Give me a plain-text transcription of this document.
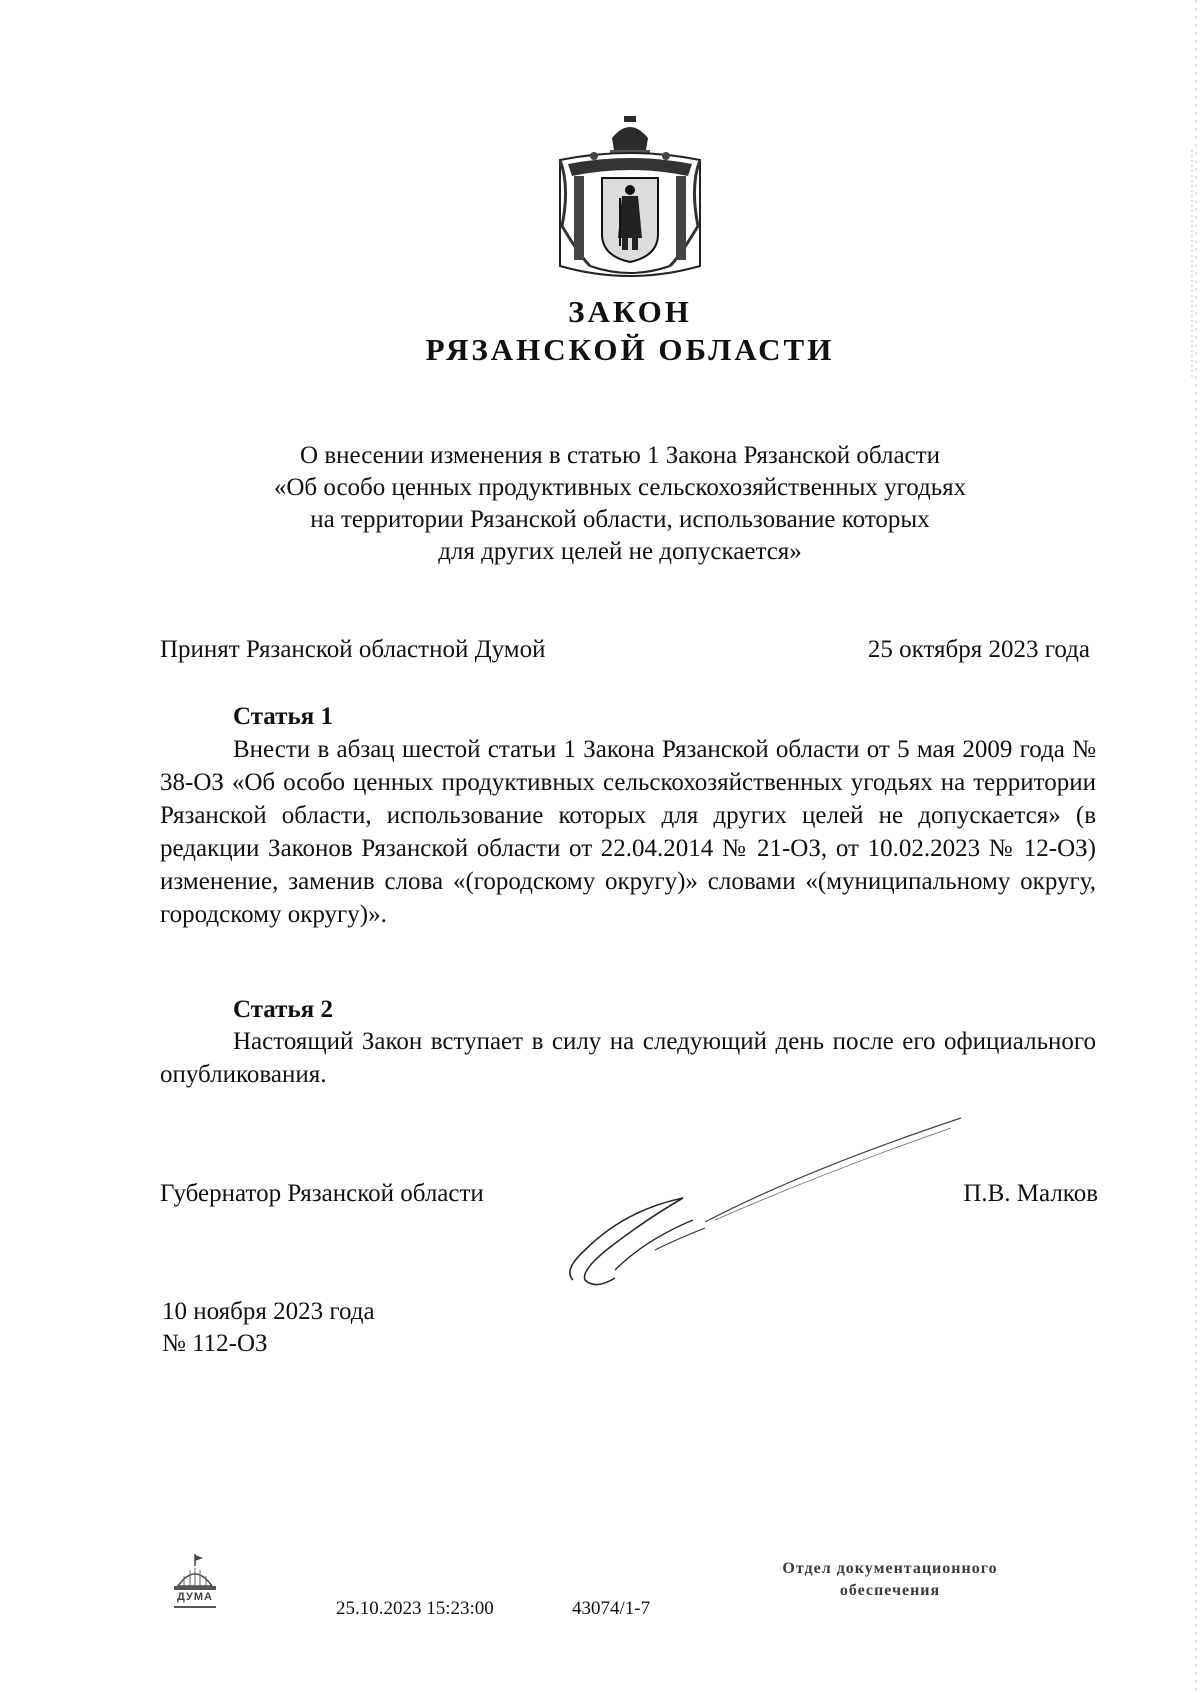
ЗАКОН
РЯЗАНСКОЙ ОБЛАСТИ
О внесении изменения в статью 1 Закона Рязанской области
«Об особо ценных продуктивных сельскохозяйственных угодьях
на территории Рязанской области, использование которых
для других целей не допускается»
Принят Рязанской областной Думой	25 октября 2023 года
Статья 1
Внести в абзац шестой статьи 1 Закона Рязанской области от 5 мая 2009 года № 38-ОЗ «Об особо ценных продуктивных сельскохозяйственных угодьях на территории Рязанской области, использование которых для других целей не допускается» (в редакции Законов Рязанской области от 22.04.2014 № 21-ОЗ, от 10.02.2023 № 12-ОЗ) изменение, заменив слова «(городскому округу)» словами «(муниципальному округу, городскому округу)».
Статья 2
Настоящий Закон вступает в силу на следующий день после его официального опубликования.
Губернатор Рязанской области	П.В. Малков
10 ноября 2023 года
№ 112-ОЗ
ДУМА
25.10.2023 15:23:00	43074/1-7
Отдел документационного
обеспечения
